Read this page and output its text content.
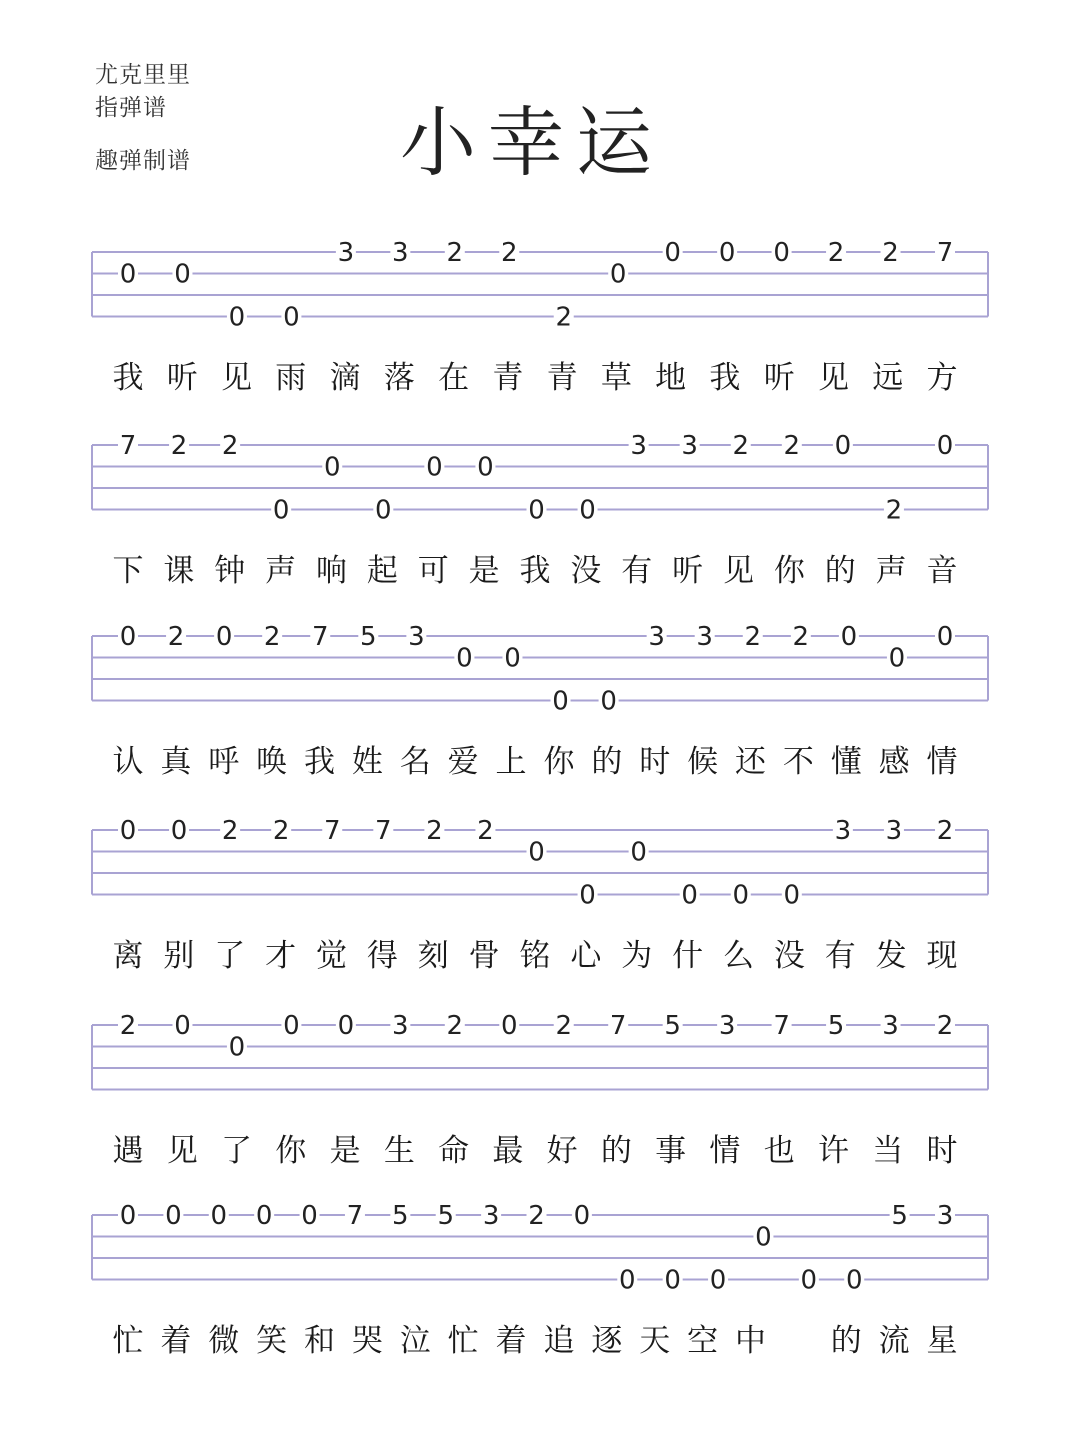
尤克里里
指弹谱
趣弹制谱	小幸运
0 0
0 0
3 3 2 2
2
0
0 0 0 2 2 7
我 听 见 雨 滴 落 在 青 青 草 地 我 听 见 远 方
7 2 2
0
0
0
0 0
0 0
3 3 2 2 0
2
0
下 课 钟 声 响 起 可 是 我 没 有 听 见 你 的 声 音
0 2 0 2 7 5 3
0 0
0 0
3 3 2 2 0
0
0
认 真 呼 唤 我 姓 名 爱 上 你 的 时 候 还 不 懂 感 情
0 0 2 2 7 7 2 2
0
0
0
0 0 0
3 3 2
离 别 了 才 觉 得 刻 骨 铭 心 为 什 么 没 有 发 现
2 0
0
0 0 3 2 0 2 7 5 3 7 5 3 2
遇 见 了 你 是 生 命 最 好 的 事 情 也 许 当 时
0 0 0 0 0 7 5 5 3 2 0
0 0 0
0
0 0
5 3
忙 着 微 笑 和 哭 泣 忙 着 追 逐 天 空 中 的 流 星
